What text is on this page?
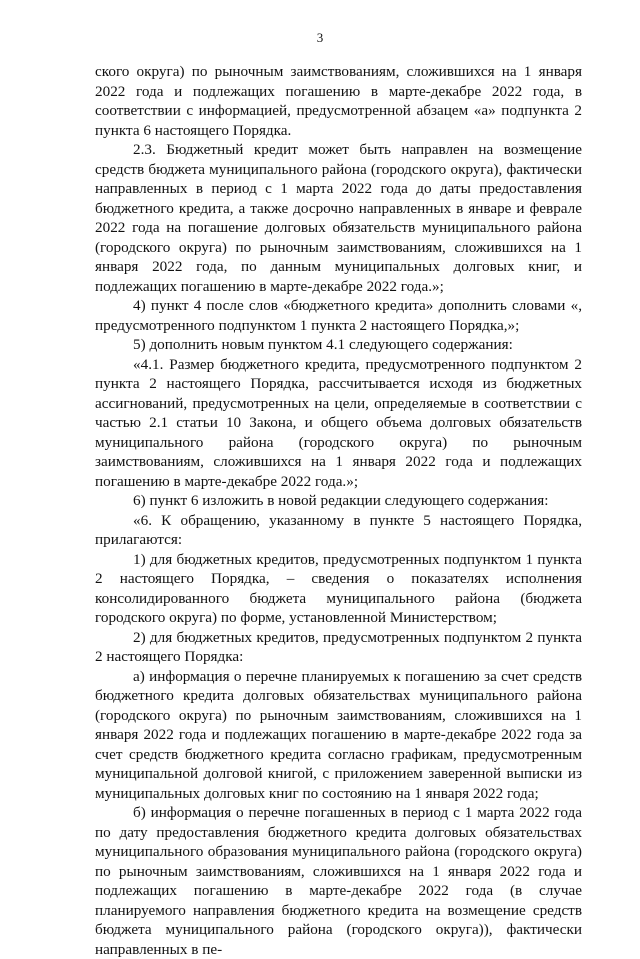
3

ского округа) по рыночным заимствованиям, сложившихся на 1 января 2022 года и подлежащих погашению в марте-декабре 2022 года, в соответствии с информацией, предусмотренной абзацем «а» подпункта 2 пункта 6 настоящего Порядка.

2.3. Бюджетный кредит может быть направлен на возмещение средств бюджета муниципального района (городского округа), фактически направленных в период с 1 марта 2022 года до даты предоставления бюджетного кредита, а также досрочно направленных в январе и феврале 2022 года на погашение долговых обязательств муниципального района (городского округа) по рыночным заимствованиям, сложившихся на 1 января 2022 года, по данным муниципальных долговых книг, и подлежащих погашению в марте-декабре 2022 года.»;

4) пункт 4 после слов «бюджетного кредита» дополнить словами «, предусмотренного подпунктом 1 пункта 2 настоящего Порядка,»;

5) дополнить новым пунктом 4.1 следующего содержания:

«4.1. Размер бюджетного кредита, предусмотренного подпунктом 2 пункта 2 настоящего Порядка, рассчитывается исходя из бюджетных ассигнований, предусмотренных на цели, определяемые в соответствии с частью 2.1 статьи 10 Закона, и общего объема долговых обязательств муниципального района (городского округа) по рыночным заимствованиям, сложившихся на 1 января 2022 года и подлежащих погашению в марте-декабре 2022 года.»;

6) пункт 6 изложить в новой редакции следующего содержания:

«6. К обращению, указанному в пункте 5 настоящего Порядка, прилагаются:

1) для бюджетных кредитов, предусмотренных подпунктом 1 пункта 2 настоящего Порядка, – сведения о показателях исполнения консолидированного бюджета муниципального района (бюджета городского округа) по форме, установленной Министерством;

2) для бюджетных кредитов, предусмотренных подпунктом 2 пункта 2 настоящего Порядка:

а) информация о перечне планируемых к погашению за счет средств бюджетного кредита долговых обязательствах муниципального района (городского округа) по рыночным заимствованиям, сложившихся на 1 января 2022 года и подлежащих погашению в марте-декабре 2022 года за счет средств бюджетного кредита согласно графикам, предусмотренным муниципальной долговой книгой, с приложением заверенной выписки из муниципальных долговых книг по состоянию на 1 января 2022 года;

б) информация о перечне погашенных в период с 1 марта 2022 года по дату предоставления бюджетного кредита долговых обязательствах муниципального образования муниципального района (городского округа) по рыночным заимствованиям, сложившихся на 1 января 2022 года и подлежащих погашению в марте-декабре 2022 года (в случае планируемого направления бюджетного кредита на возмещение средств бюджета муниципального района (городского округа)), фактически направленных в пе-
